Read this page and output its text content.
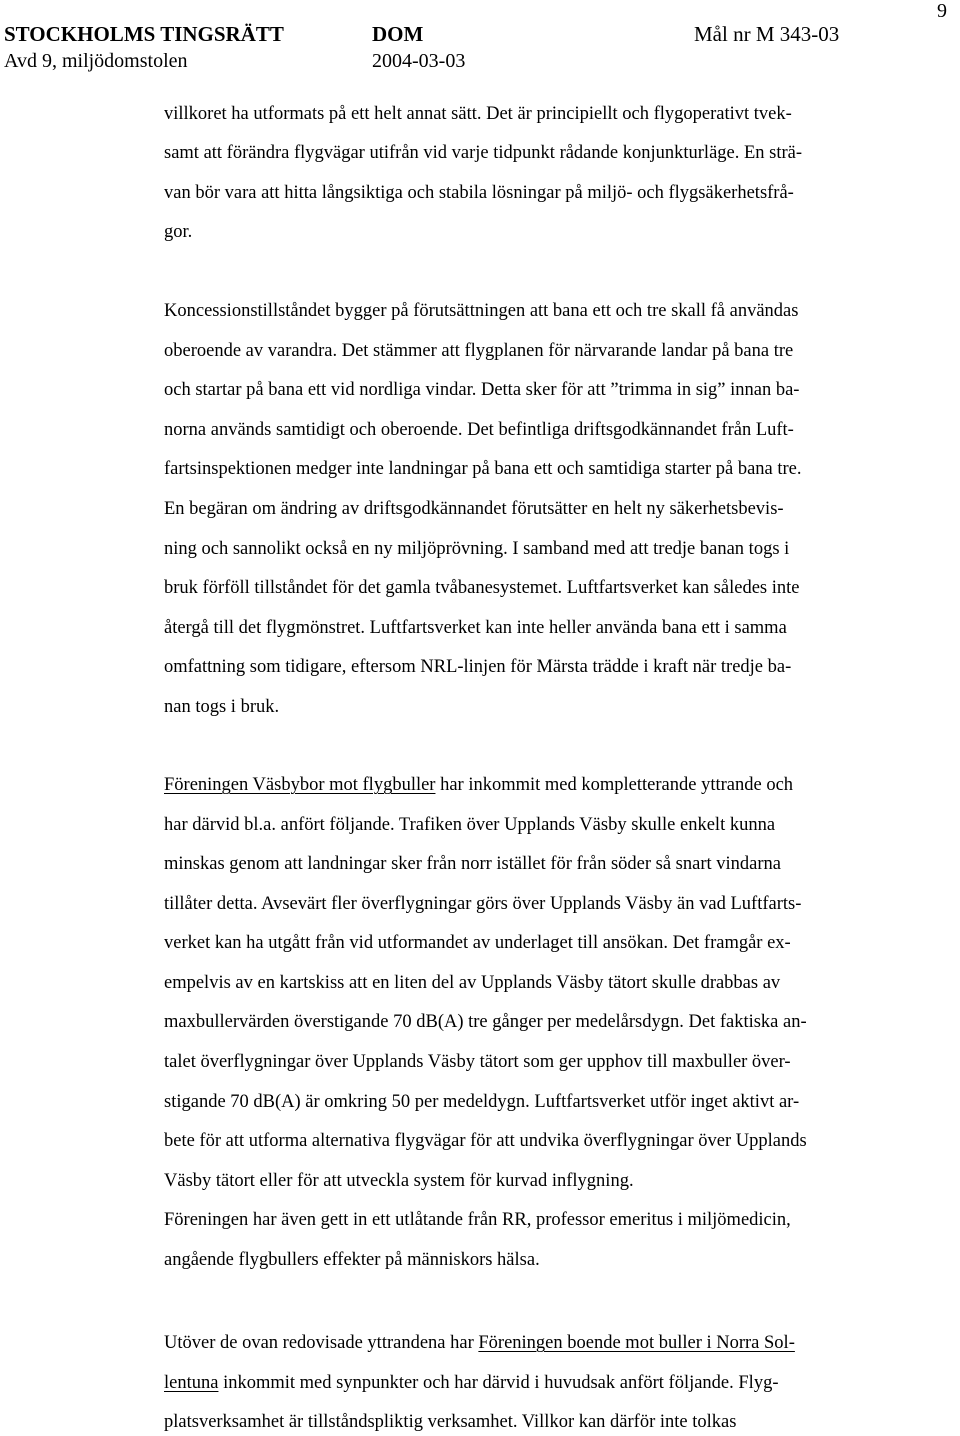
STOCKHOLMS TINGSRÄTT	DOM	Mål nr M 343-03
Avd 9, miljödomstolen	2004-03-03
9
villkoret ha utformats på ett helt annat sätt. Det är principiellt och flygoperativt tvek-
samt att förändra flygvägar utifrån vid varje tidpunkt rådande konjunkturläge. En strä-
van bör vara att hitta långsiktiga och stabila lösningar på miljö- och flygsäkerhetsfrå-
gor.
Koncessionstillståndet bygger på förutsättningen att bana ett och tre skall få användas
oberoende av varandra. Det stämmer att flygplanen för närvarande landar på bana tre
och startar på bana ett vid nordliga vindar. Detta sker för att ”trimma in sig” innan ba-
norna används samtidigt och oberoende. Det befintliga driftsgodkännandet från Luft-
fartsinspektionen medger inte landningar på bana ett och samtidiga starter på bana tre.
En begäran om ändring av driftsgodkännandet förutsätter en helt ny säkerhetsbevis-
ning och sannolikt också en ny miljöprövning. I samband med att tredje banan togs i
bruk förföll tillståndet för det gamla tvåbanesystemet. Luftfartsverket kan således inte
återgå till det flygmönstret. Luftfartsverket kan inte heller använda bana ett i samma
omfattning som tidigare, eftersom NRL-linjen för Märsta trädde i kraft när tredje ba-
nan togs i bruk.
Föreningen Väsbybor mot flygbuller har inkommit med kompletterande yttrande och
har därvid bl.a. anfört följande. Trafiken över Upplands Väsby skulle enkelt kunna
minskas genom att landningar sker från norr istället för från söder så snart vindarna
tillåter detta. Avsevärt fler överflygningar görs över Upplands Väsby än vad Luftfarts-
verket kan ha utgått från vid utformandet av underlaget till ansökan. Det framgår ex-
empelvis av en kartskiss att en liten del av Upplands Väsby tätort skulle drabbas av
maxbullervärden överstigande 70 dB(A) tre gånger per medelårsdygn. Det faktiska an-
talet överflygningar över Upplands Väsby tätort som ger upphov till maxbuller över-
stigande 70 dB(A) är omkring 50 per medeldygn. Luftfartsverket utför inget aktivt ar-
bete för att utforma alternativa flygvägar för att undvika överflygningar över Upplands
Väsby tätort eller för att utveckla system för kurvad inflygning.
Föreningen har även gett in ett utlåtande från RR, professor emeritus i miljömedicin,
angående flygbullers effekter på människors hälsa.
Utöver de ovan redovisade yttrandena har Föreningen boende mot buller i Norra Sol-
lentuna inkommit med synpunkter och har därvid i huvudsak anfört följande. Flyg-
platsverksamhet är tillståndspliktig verksamhet. Villkor kan därför inte tolkas
